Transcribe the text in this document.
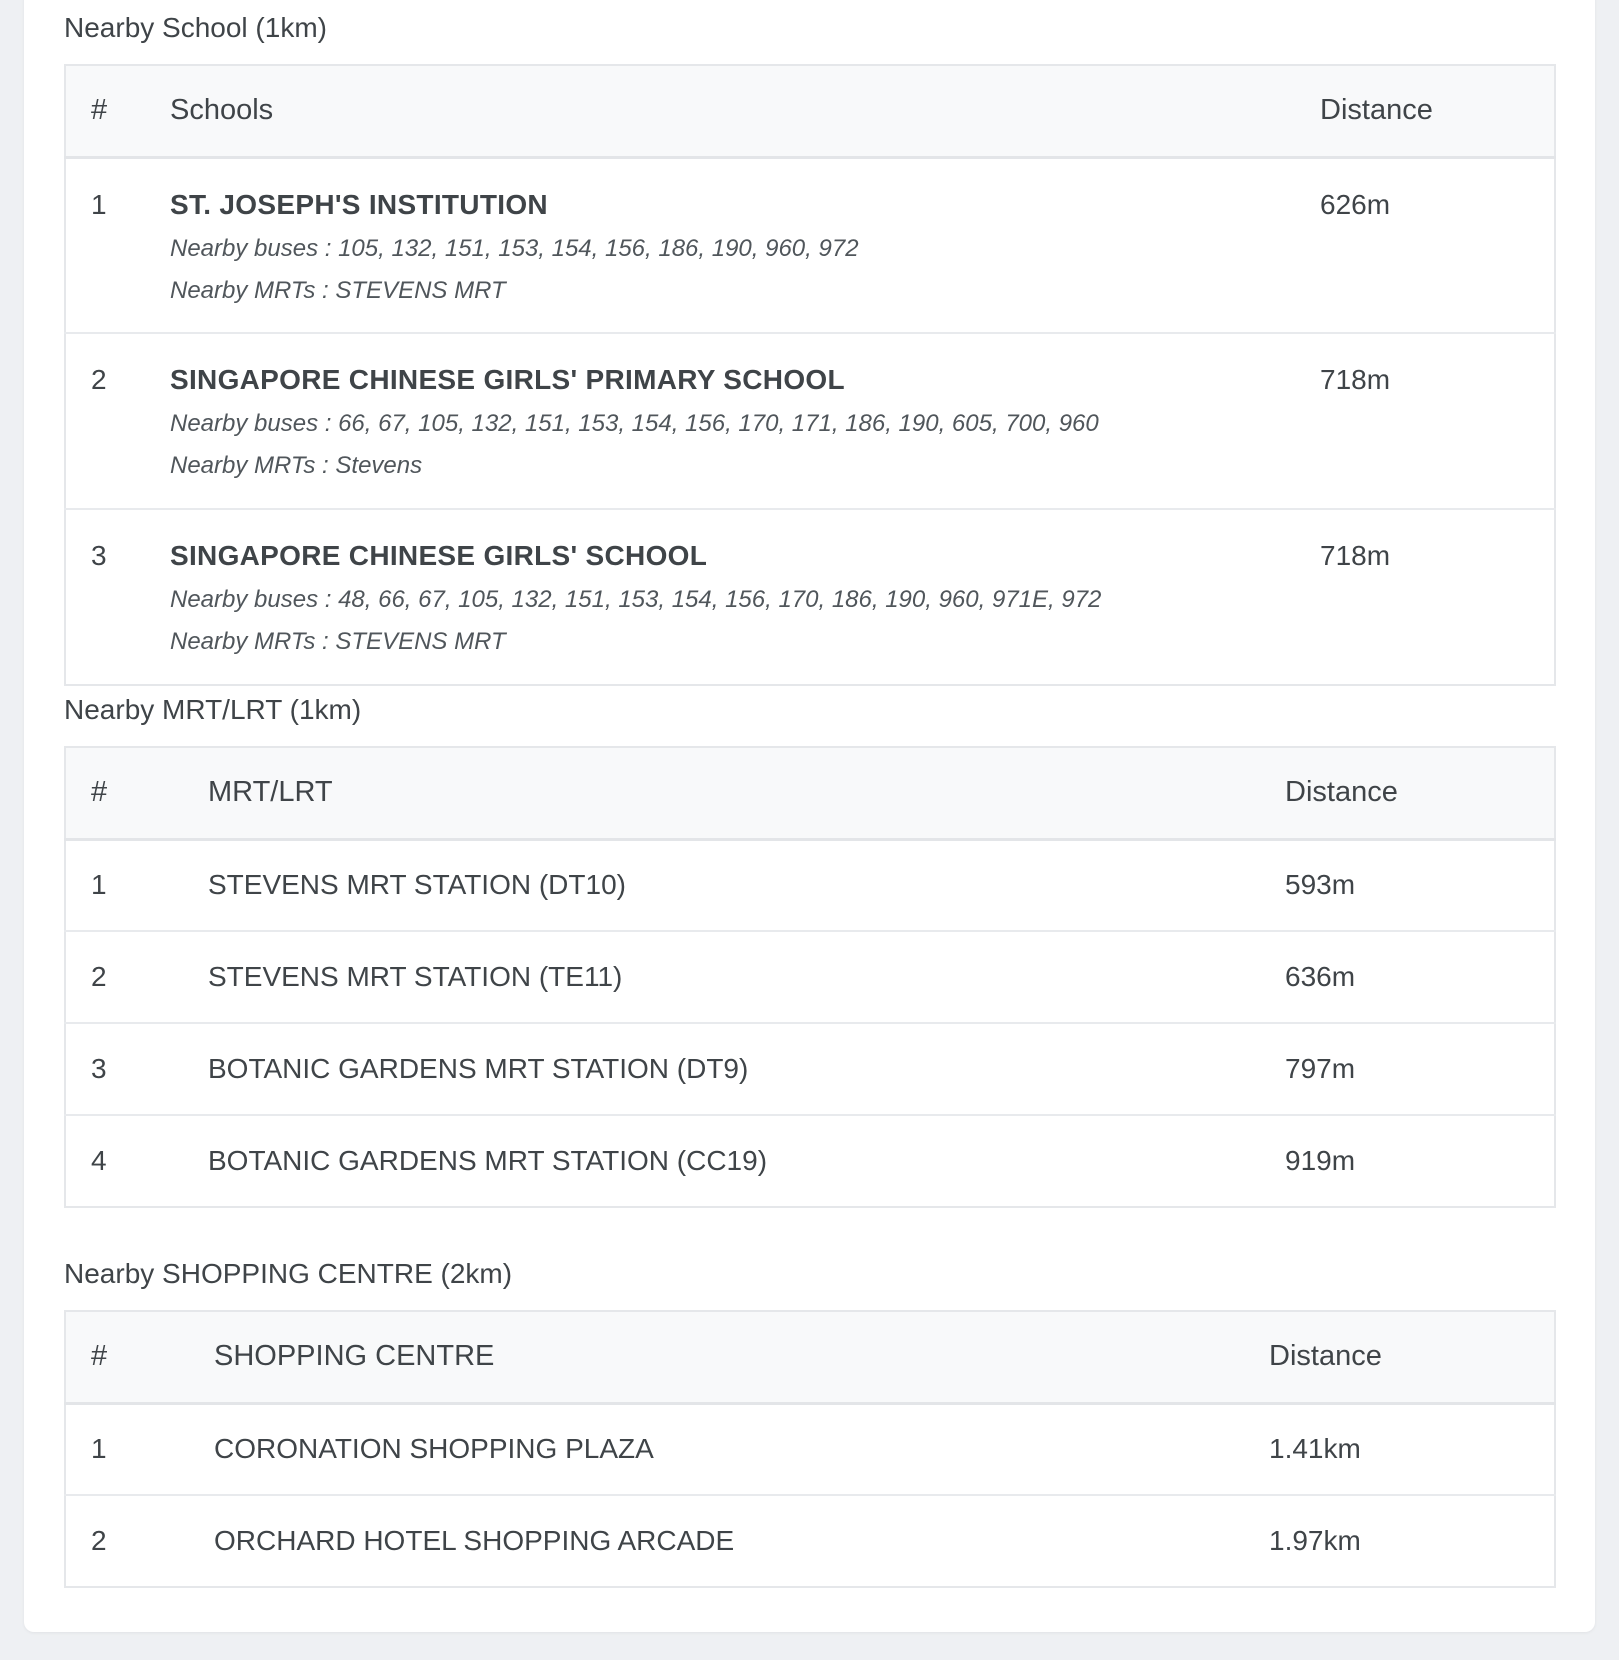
Nearby School (1km)
#	Schools	Distance
1	ST. JOSEPH'S INSTITUTION
Nearby buses : 105, 132, 151, 153, 154, 156, 186, 190, 960, 972
Nearby MRTs : STEVENS MRT	626m
2	SINGAPORE CHINESE GIRLS' PRIMARY SCHOOL
Nearby buses : 66, 67, 105, 132, 151, 153, 154, 156, 170, 171, 186, 190, 605, 700, 960
Nearby MRTs : Stevens	718m
3	SINGAPORE CHINESE GIRLS' SCHOOL
Nearby buses : 48, 66, 67, 105, 132, 151, 153, 154, 156, 170, 186, 190, 960, 971E, 972
Nearby MRTs : STEVENS MRT	718m
Nearby MRT/LRT (1km)
#	MRT/LRT	Distance
1	STEVENS MRT STATION (DT10)	593m
2	STEVENS MRT STATION (TE11)	636m
3	BOTANIC GARDENS MRT STATION (DT9)	797m
4	BOTANIC GARDENS MRT STATION (CC19)	919m
Nearby SHOPPING CENTRE (2km)
#	SHOPPING CENTRE	Distance
1	CORONATION SHOPPING PLAZA	1.41km
2	ORCHARD HOTEL SHOPPING ARCADE	1.97km
